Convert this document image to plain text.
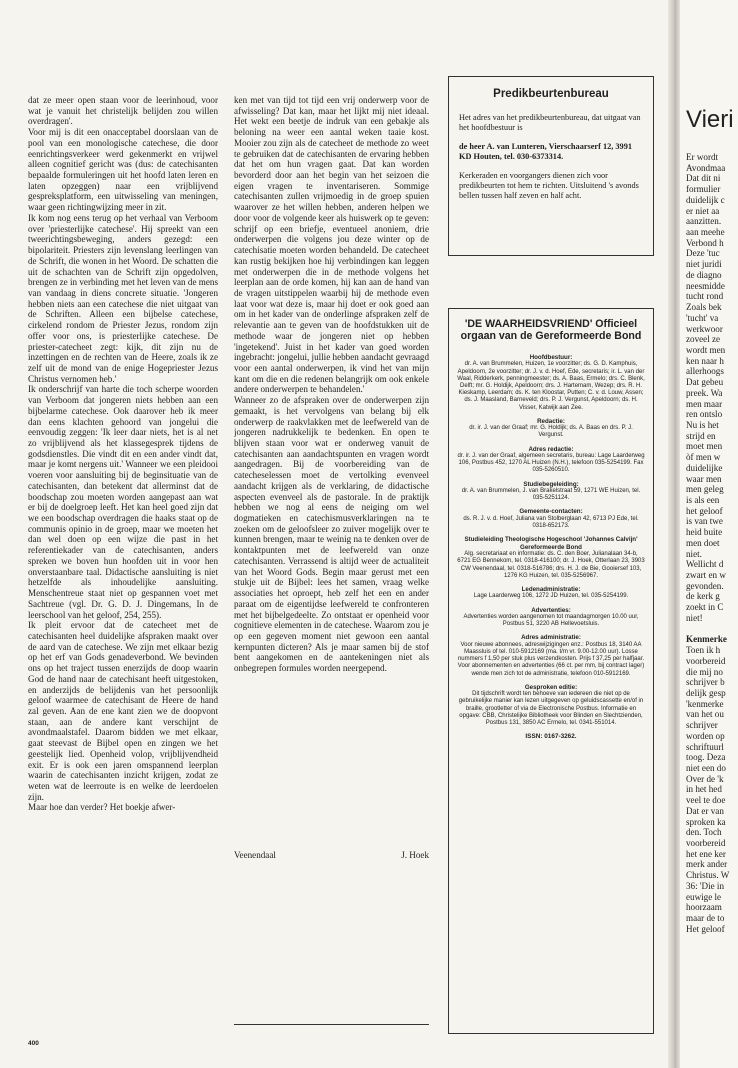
dat ze meer open staan voor de leerinhoud, voor wat je vanuit het christelijk belijden zou willen overdragen'.

Voor mij is dit een onacceptabel doorslaan van de pool van een monologische catechese, die door eenrichtingsverkeer werd gekenmerkt en vrijwel alleen cognitief gericht was (dus: de catechisanten bepaalde formuleringen uit het hoofd laten leren en laten opzeggen) naar een vrijblijvend gespreksplatform, een uitwisseling van meningen, waar geen richtingwijzing meer in zit.

Ik kom nog eens terug op het verhaal van Verboom over 'priesterlijke catechese'. Hij spreekt van een tweerichtingsbeweging, anders gezegd: een bipolariteit. Priesters zijn levenslang leerlingen van de Schrift, die wonen in het Woord. De schatten die uit de schachten van de Schrift zijn opgedolven, brengen ze in verbinding met het leven van de mens van vandaag in diens concrete situatie. 'Jongeren hebben niets aan een catechese die niet uitgaat van de Schriften. Alleen een bijbelse catechese, cirkelend rondom de Priester Jezus, rondom zijn offer voor ons, is priesterlijke catechese. De priester-catecheet zegt: kijk, dit zijn nu de inzettingen en de rechten van de Heere, zoals ik ze zelf uit de mond van de enige Hogepriester Jezus Christus vernomen heb.'

Ik onderschrijf van harte die toch scherpe woorden van Verboom dat jongeren niets hebben aan een bijbelarme catechese. Ook daarover heb ik meer dan eens klachten gehoord van jongelui die eenvoudig zeggen: 'Ik leer daar niets, het is al net zo vrijblijvend als het klassegesprek tijdens de godsdienstles. Die vindt dit en een ander vindt dat, maar je komt nergens uit.' Wanneer we een pleidooi voeren voor aansluiting bij de beginsituatie van de catechisanten, dan betekent dat allerminst dat de boodschap zou moeten worden aangepast aan wat er bij de doelgroep leeft. Het kan heel goed zijn dat we een boodschap overdragen die haaks staat op de communis opinio in de groep, maar we moeten het dan wel doen op een wijze die past in het referentiekader van de catechisanten, anders spreken we boven hun hoofden uit in voor hen onverstaanbare taal. Didactische aansluiting is niet hetzelfde als inhoudelijke aansluiting. Menschentreue staat niet op gespannen voet met Sachtreue (vgl. Dr. G. D. J. Dingemans, In de leerschool van het geloof, 254, 255).

Ik pleit ervoor dat de catecheet met de catechisanten heel duidelijke afspraken maakt over de aard van de catechese. We zijn met elkaar bezig op het erf van Gods genadeverbond. We bevinden ons op het traject tussen enerzijds de doop waarin God de hand naar de catechisant heeft uitgestoken, en anderzijds de belijdenis van het persoonlijk geloof waarmee de catechisant de Heere de hand zal geven. Aan de ene kant zien we de doopvont staan, aan de andere kant verschijnt de avondmaalstafel. Daarom bidden we met elkaar, gaat steevast de Bijbel open en zingen we het geestelijk lied. Openheid volop, vrijblijvendheid exit. Er is ook een jaren omspannend leerplan waarin de catechisanten inzicht krijgen, zodat ze weten wat de leerroute is en welke de leerdoelen zijn.

Maar hoe dan verder? Het boekje afwer-

ken met van tijd tot tijd een vrij onderwerp voor de afwisseling? Dat kan, maar het lijkt mij niet ideaal. Het wekt een beetje de indruk van een gebakje als beloning na weer een aantal weken taaie kost. Mooier zou zijn als de catecheet de methode zo weet te gebruiken dat de catechisanten de ervaring hebben dat het om hun vragen gaat. Dat kan worden bevorderd door aan het begin van het seizoen die eigen vragen te inventariseren. Sommige catechisanten zullen vrijmoedig in de groep spuien waarover ze het willen hebben, anderen helpen we door voor de volgende keer als huiswerk op te geven: schrijf op een briefje, eventueel anoniem, drie onderwerpen die volgens jou deze winter op de catechisatie moeten worden behandeld. De catecheet kan rustig bekijken hoe hij verbindingen kan leggen met onderwerpen die in de methode volgens het leerplan aan de orde komen, hij kan aan de hand van de vragen uitstippelen waarbij hij de methode even laat voor wat deze is, maar hij doet er ook goed aan om in het kader van de onderlinge afspraken zelf de relevantie aan te geven van de hoofdstukken uit de methode waar de jongeren niet op hebben 'ingetekend'. Juist in het kader van goed worden ingebracht: jongelui, jullie hebben aandacht gevraagd voor een aantal onderwerpen, ik vind het van mijn kant om die en die redenen belangrijk om ook enkele andere onderwerpen te behandelen.'

Wanneer zo de afspraken over de onderwerpen zijn gemaakt, is het vervolgens van belang bij elk onderwerp de raakvlakken met de leefwereld van de jongeren nadrukkelijk te bedenken. En open te blijven staan voor wat er onderweg vanuit de catechisanten aan aandachtspunten en vragen wordt aangedragen. Bij de voorbereiding van de catecheselessen moet de vertolking evenveel aandacht krijgen als de verklaring, de didactische aspecten evenveel als de pastorale. In de praktijk hebben we nog al eens de neiging om wel dogmatieken en catechismusverklaringen na te zoeken om de geloofsleer zo zuiver mogelijk over te kunnen brengen, maar te weinig na te denken over de kontaktpunten met de leefwereld van onze catechisanten. Verrassend is altijd weer de actualiteit van het Woord Gods. Begin maar gerust met een stukje uit de Bijbel: lees het samen, vraag welke associaties het oproept, heb zelf het een en ander paraat om de eigentijdse leefwereld te confronteren met het bijbelgedeelte. Zo ontstaat er openheid voor cognitieve elementen in de catechese. Waarom zou je op een gegeven moment niet gewoon een aantal kernpunten dicteren? Als je maar samen bij de stof bent aangekomen en de aantekeningen niet als onbegrepen formules worden neergepend.

Veenendaal	J. Hoek
400
Predikbeurtenbureau

Het adres van het predikbeurtenbureau, dat uitgaat van het hoofdbestuur is

de heer A. van Lunteren, Vierschaarserf 12, 3991 KD Houten, tel. 030-6373314.

Kerkeraden en voorgangers dienen zich voor predikbeurten tot hem te richten. Uitsluitend 's avonds bellen tussen half zeven en half acht.

'DE WAARHEIDSVRIEND' Officieel orgaan van de Gereformeerde Bond
Hoofdbestuur:
dr. A. van Brummelen, Huizen, 1e voorzitter; ds. G. D. Kamphuis, Apeldoorn, 2e voorzitter; dr. J. v. d. Hoef, Ede, secretaris; ir. L. van der Waal, Ridderkerk, penningmeester; ds. A. Baas, Ermelo; drs. C. Blenk, Delft; mr. G. Holdijk, Apeldoorn; drs. J. Hartemam, Wezep; drs. R. H. Kieskamp, Leerdam; ds. K. ten Kloostar, Putten; C. v. d. Louw, Assen; ds. J. Maasland, Barneveld; drs. P. J. Vergunst, Apeldoorn; ds. H. Visser, Katwijk aan Zee.
Redactie:
dr. ir. J. van der Graaf; mr. G. Holdijk; ds. A. Baas en drs. P. J. Vergunst.
Adres redactie:
dr. ir. J. van der Graaf, algemeen secretaris, bureau: Lage Laarderweg 106, Postbus 452, 1270 AL Huizen (N.H.), telefoon 035-5254199. Fax 035-5260510.
Studiebegeleiding:
dr. A. van Brummelen, J. van Brakelstraat 59, 1271 WE Huizen, tel. 035-5251124.
Gemeente-contacten:
ds. R. J. v. d. Hoef, Juliana van Stolberglaan 42, 6713 PJ Ede, tel. 0318-652173.
Studieleiding Theologische Hogeschool 'Johannes Calvijn' Gereformeerde Bond
Alg. secretariaat en informatie: ds. C. den Boer, Julianalaan 34-b, 6721 EG Bennekom, tel. 0318-416100; dr. J. Hoek, Otterlaan 23, 3903 CW Veenendaal, tel. 0318-516786; drs. H. J. de Bie, Gooiersef 103, 1276 KG Huizen, tel. 035-5256967.
Ledenadministratie:
Lage Laarderweg 106, 1272 JD Huizen, tel. 035-5254199.
Advertenties:
Advertenties worden aangenomen tot maandagmorgen 10.00 uur, Postbus 51, 3220 AB Hellevoetsluis.
Adres administratie:
Voor nieuwe abonnees, adreswijzigingen enz.: Postbus 18, 3140 AA Maassluis of tel. 010-5912169 (ma. t/m vr. 9.00-12.00 uur). Losse nummers f 1,50 per stuk plus verzendkosten. Prijs f 37,25 per halfjaar. Voor abonnementen en advertenties (66 ct. per mm, bij contract lager) wende men zich tot de administratie, telefoon 010-5912169.
Gesproken editie:
Dit tijdschrift wordt ten behoeve van iedereen die niet op de gebruikelijke manier kan lezen uitgegeven op geluidscassette en/of in braille, grootletter of via de Electronische Postbus. Informatie en opgave: CBB, Christelijke Bibliotheek voor Blinden en Slechtzienden, Postbus 131, 3850 AC Ermelo, tel. 0341-551014.
ISSN: 0167-3262.
Vieri

Er wordt

Avondmaa

Dat dit ni

formulier

duidelijk c

er niet aa

aanzitten.

aan meehe

Verbond h

Deze 'tuc

niet juridi

de diagno

neesmidde

tucht rond

Zoals bek

'tucht' va

werkwoor

zoveel ze

wordt men

ken naar h

allerhoogs

Dat gebeu

preek. Wa

men maar

ren ontslo

Nu is het

strijd en

moet men

òf men w

duidelijke

waar men

men geleg

is als een

het geloof

is van twe

heid buite

men doet

niet.

Wellicht d

zwart en w

gevonden.

de kerk g

zoekt in C

niet!

Kenmerke

Toen ik h

voorbereid

die mij no

schrijver b

delijk gesp

'kenmerke

van het ou

schrijver

worden op

schriftuurl

toog. Deza

niet een do

Over de 'k

in het hed

veel te doe

Dat er van

sproken ka

den. Toch

voorbereid

het ene ker

merk ander

Christus. W

36: 'Die in

euwige le

hoorzaam

maar de to

Het geloof
